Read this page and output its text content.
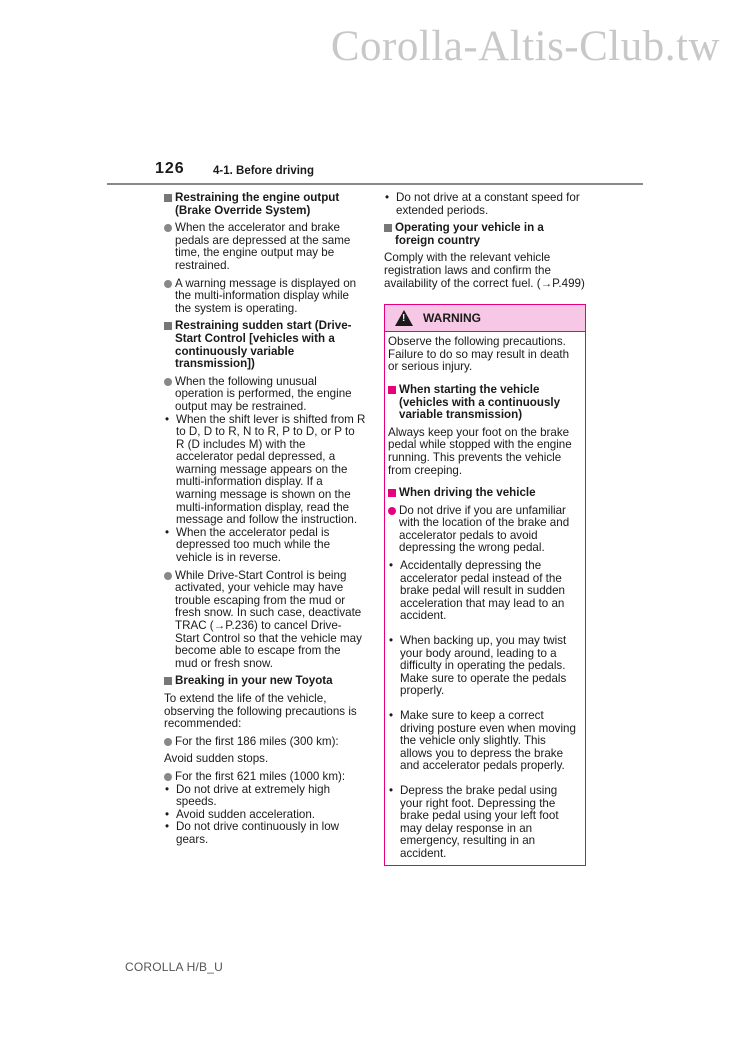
Corolla-Altis-Club.tw
126 4-1. Before driving
Restraining the engine output (Brake Override System)
When the accelerator and brake pedals are depressed at the same time, the engine output may be restrained.
A warning message is displayed on the multi-information display while the system is operating.
Restraining sudden start (Drive-Start Control [vehicles with a continuously variable transmission])
When the following unusual operation is performed, the engine output may be restrained.
• When the shift lever is shifted from R to D, D to R, N to R, P to D, or P to R (D includes M) with the accelerator pedal depressed, a warning message appears on the multi-information display. If a warning message is shown on the multi-information display, read the message and follow the instruction.
• When the accelerator pedal is depressed too much while the vehicle is in reverse.
While Drive-Start Control is being activated, your vehicle may have trouble escaping from the mud or fresh snow. In such case, deactivate TRAC (→P.236) to cancel Drive-Start Control so that the vehicle may become able to escape from the mud or fresh snow.
Breaking in your new Toyota
To extend the life of the vehicle, observing the following precautions is recommended:
For the first 186 miles (300 km):
Avoid sudden stops.
For the first 621 miles (1000 km):
• Do not drive at extremely high speeds.
• Avoid sudden acceleration.
• Do not drive continuously in low gears.
• Do not drive at a constant speed for extended periods.
Operating your vehicle in a foreign country
Comply with the relevant vehicle registration laws and confirm the availability of the correct fuel. (→P.499)
! WARNING
Observe the following precautions.
Failure to do so may result in death or serious injury.
When starting the vehicle (vehicles with a continuously variable transmission)
Always keep your foot on the brake pedal while stopped with the engine running. This prevents the vehicle from creeping.
When driving the vehicle
Do not drive if you are unfamiliar with the location of the brake and accelerator pedals to avoid depressing the wrong pedal.
• Accidentally depressing the accelerator pedal instead of the brake pedal will result in sudden acceleration that may lead to an accident.
• When backing up, you may twist your body around, leading to a difficulty in operating the pedals. Make sure to operate the pedals properly.
• Make sure to keep a correct driving posture even when moving the vehicle only slightly. This allows you to depress the brake and accelerator pedals properly.
• Depress the brake pedal using your right foot. Depressing the brake pedal using your left foot may delay response in an emergency, resulting in an accident.
COROLLA H/B_U
